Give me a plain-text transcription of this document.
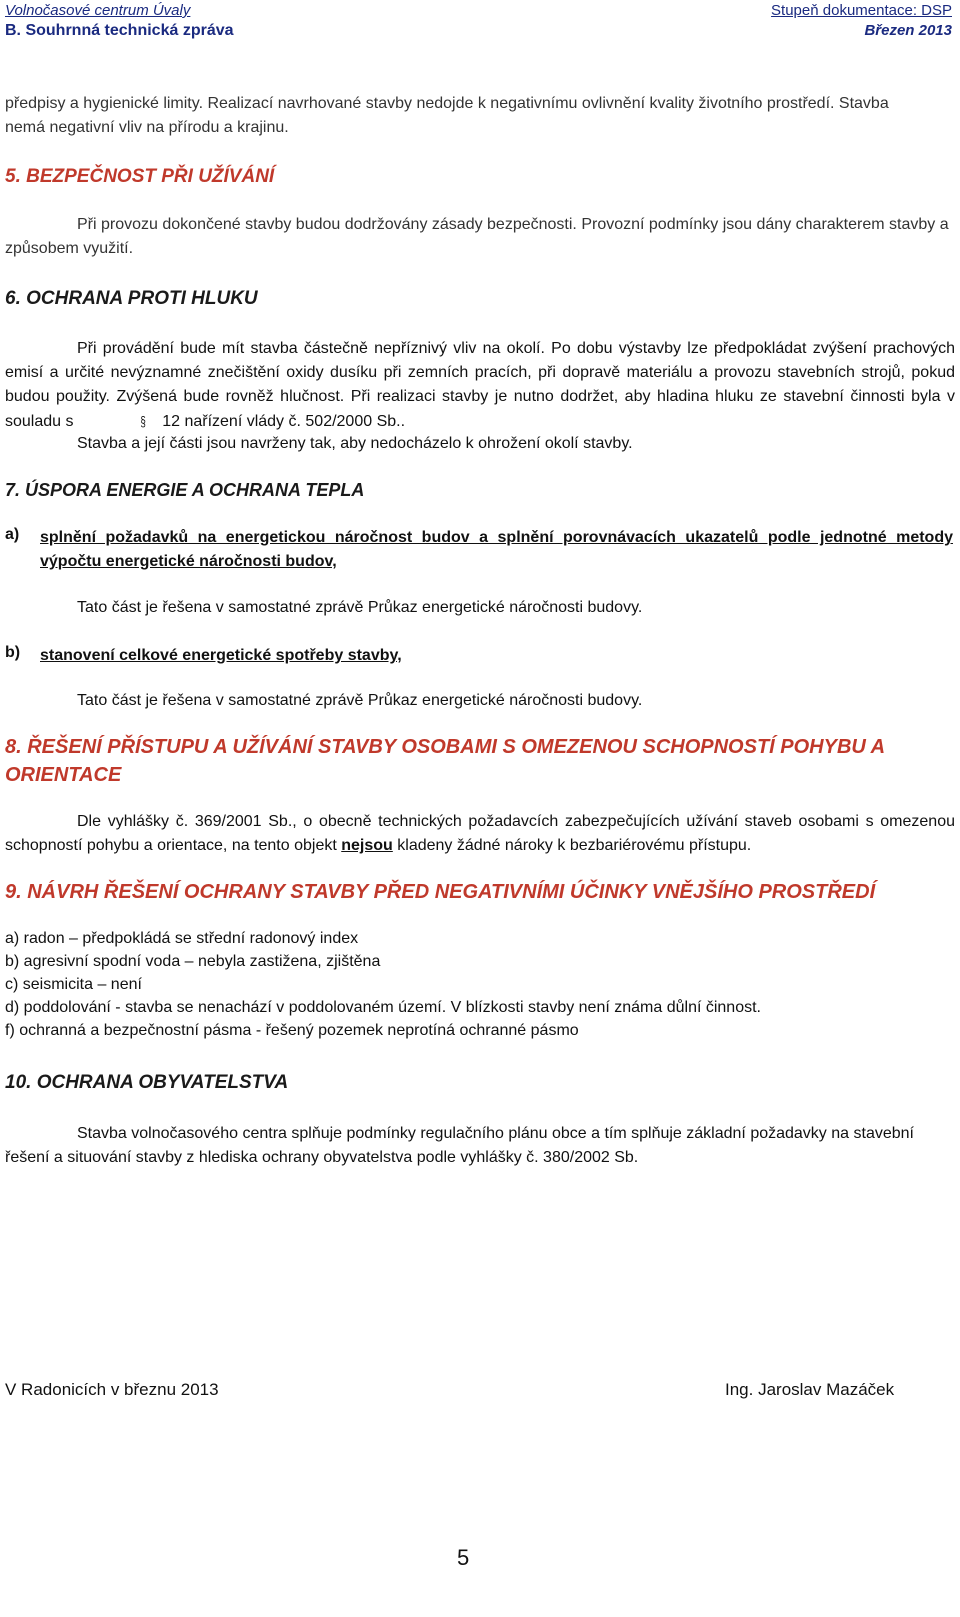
Volnočasové centrum Úvaly	Stupeň dokumentace: DSP
B. Souhrnná technická zpráva	Březen 2013
předpisy a hygienické limity. Realizací navrhované stavby nedojde k negativnímu ovlivnění kvality životního prostředí. Stavba
nemá negativní vliv na přírodu a krajinu.
5. BEZPEČNOST PŘI UŽÍVÁNÍ
Při provozu dokončené stavby budou dodržovány zásady bezpečnosti. Provozní podmínky jsou dány charakterem stavby a způsobem využití.
6. OCHRANA PROTI HLUKU
Při provádění bude mít stavba částečně nepříznivý vliv na okolí. Po dobu výstavby lze předpokládat zvýšení prachových emisí a určité nevýznamné znečištění oxidy dusíku při zemních pracích, při dopravě materiálu a provozu stavebních strojů, pokud budou použity. Zvýšená bude rovněž hlučnost. Při realizaci stavby je nutno dodržet, aby hladina hluku ze stavební činnosti byla v souladu s	§ 12 nařízení vlády č. 502/2000 Sb..
Stavba a její části jsou navrženy tak, aby nedocházelo k ohrožení okolí stavby.
7. ÚSPORA ENERGIE A OCHRANA TEPLA
a) splnění požadavků na energetickou náročnost budov a splnění porovnávacích ukazatelů podle jednotné metody výpočtu energetické náročnosti budov,
Tato část je řešena v samostatné zprávě Průkaz energetické náročnosti budovy.
b) stanovení celkové energetické spotřeby stavby,
Tato část je řešena v samostatné zprávě Průkaz energetické náročnosti budovy.
8. ŘEŠENÍ PŘÍSTUPU A UŽÍVÁNÍ STAVBY OSOBAMI S OMEZENOU SCHOPNOSTÍ POHYBU A
ORIENTACE
Dle vyhlášky č. 369/2001 Sb., o obecně technických požadavcích zabezpečujících užívání staveb osobami s omezenou schopností pohybu a orientace, na tento objekt nejsou kladeny žádné nároky k bezbariérovému přístupu.
9. NÁVRH ŘEŠENÍ OCHRANY STAVBY PŘED NEGATIVNÍMI ÚČINKY VNĚJŠÍHO PROSTŘEDÍ
a) radon – předpokládá se střední radonový index
b) agresivní spodní voda – nebyla zastižena, zjištěna
c) seismicita – není
d) poddolování - stavba se nenachází v poddolovaném území. V blízkosti stavby není známa důlní činnost.
f) ochranná a bezpečnostní pásma - řešený pozemek neprotíná ochranné pásmo
10. OCHRANA OBYVATELSTVA
Stavba volnočasového centra splňuje podmínky regulačního plánu obce a tím splňuje základní požadavky na stavební řešení a situování stavby z hlediska ochrany obyvatelstva podle vyhlášky č. 380/2002 Sb.
V Radonicích v březnu 2013	Ing. Jaroslav Mazáček
5
